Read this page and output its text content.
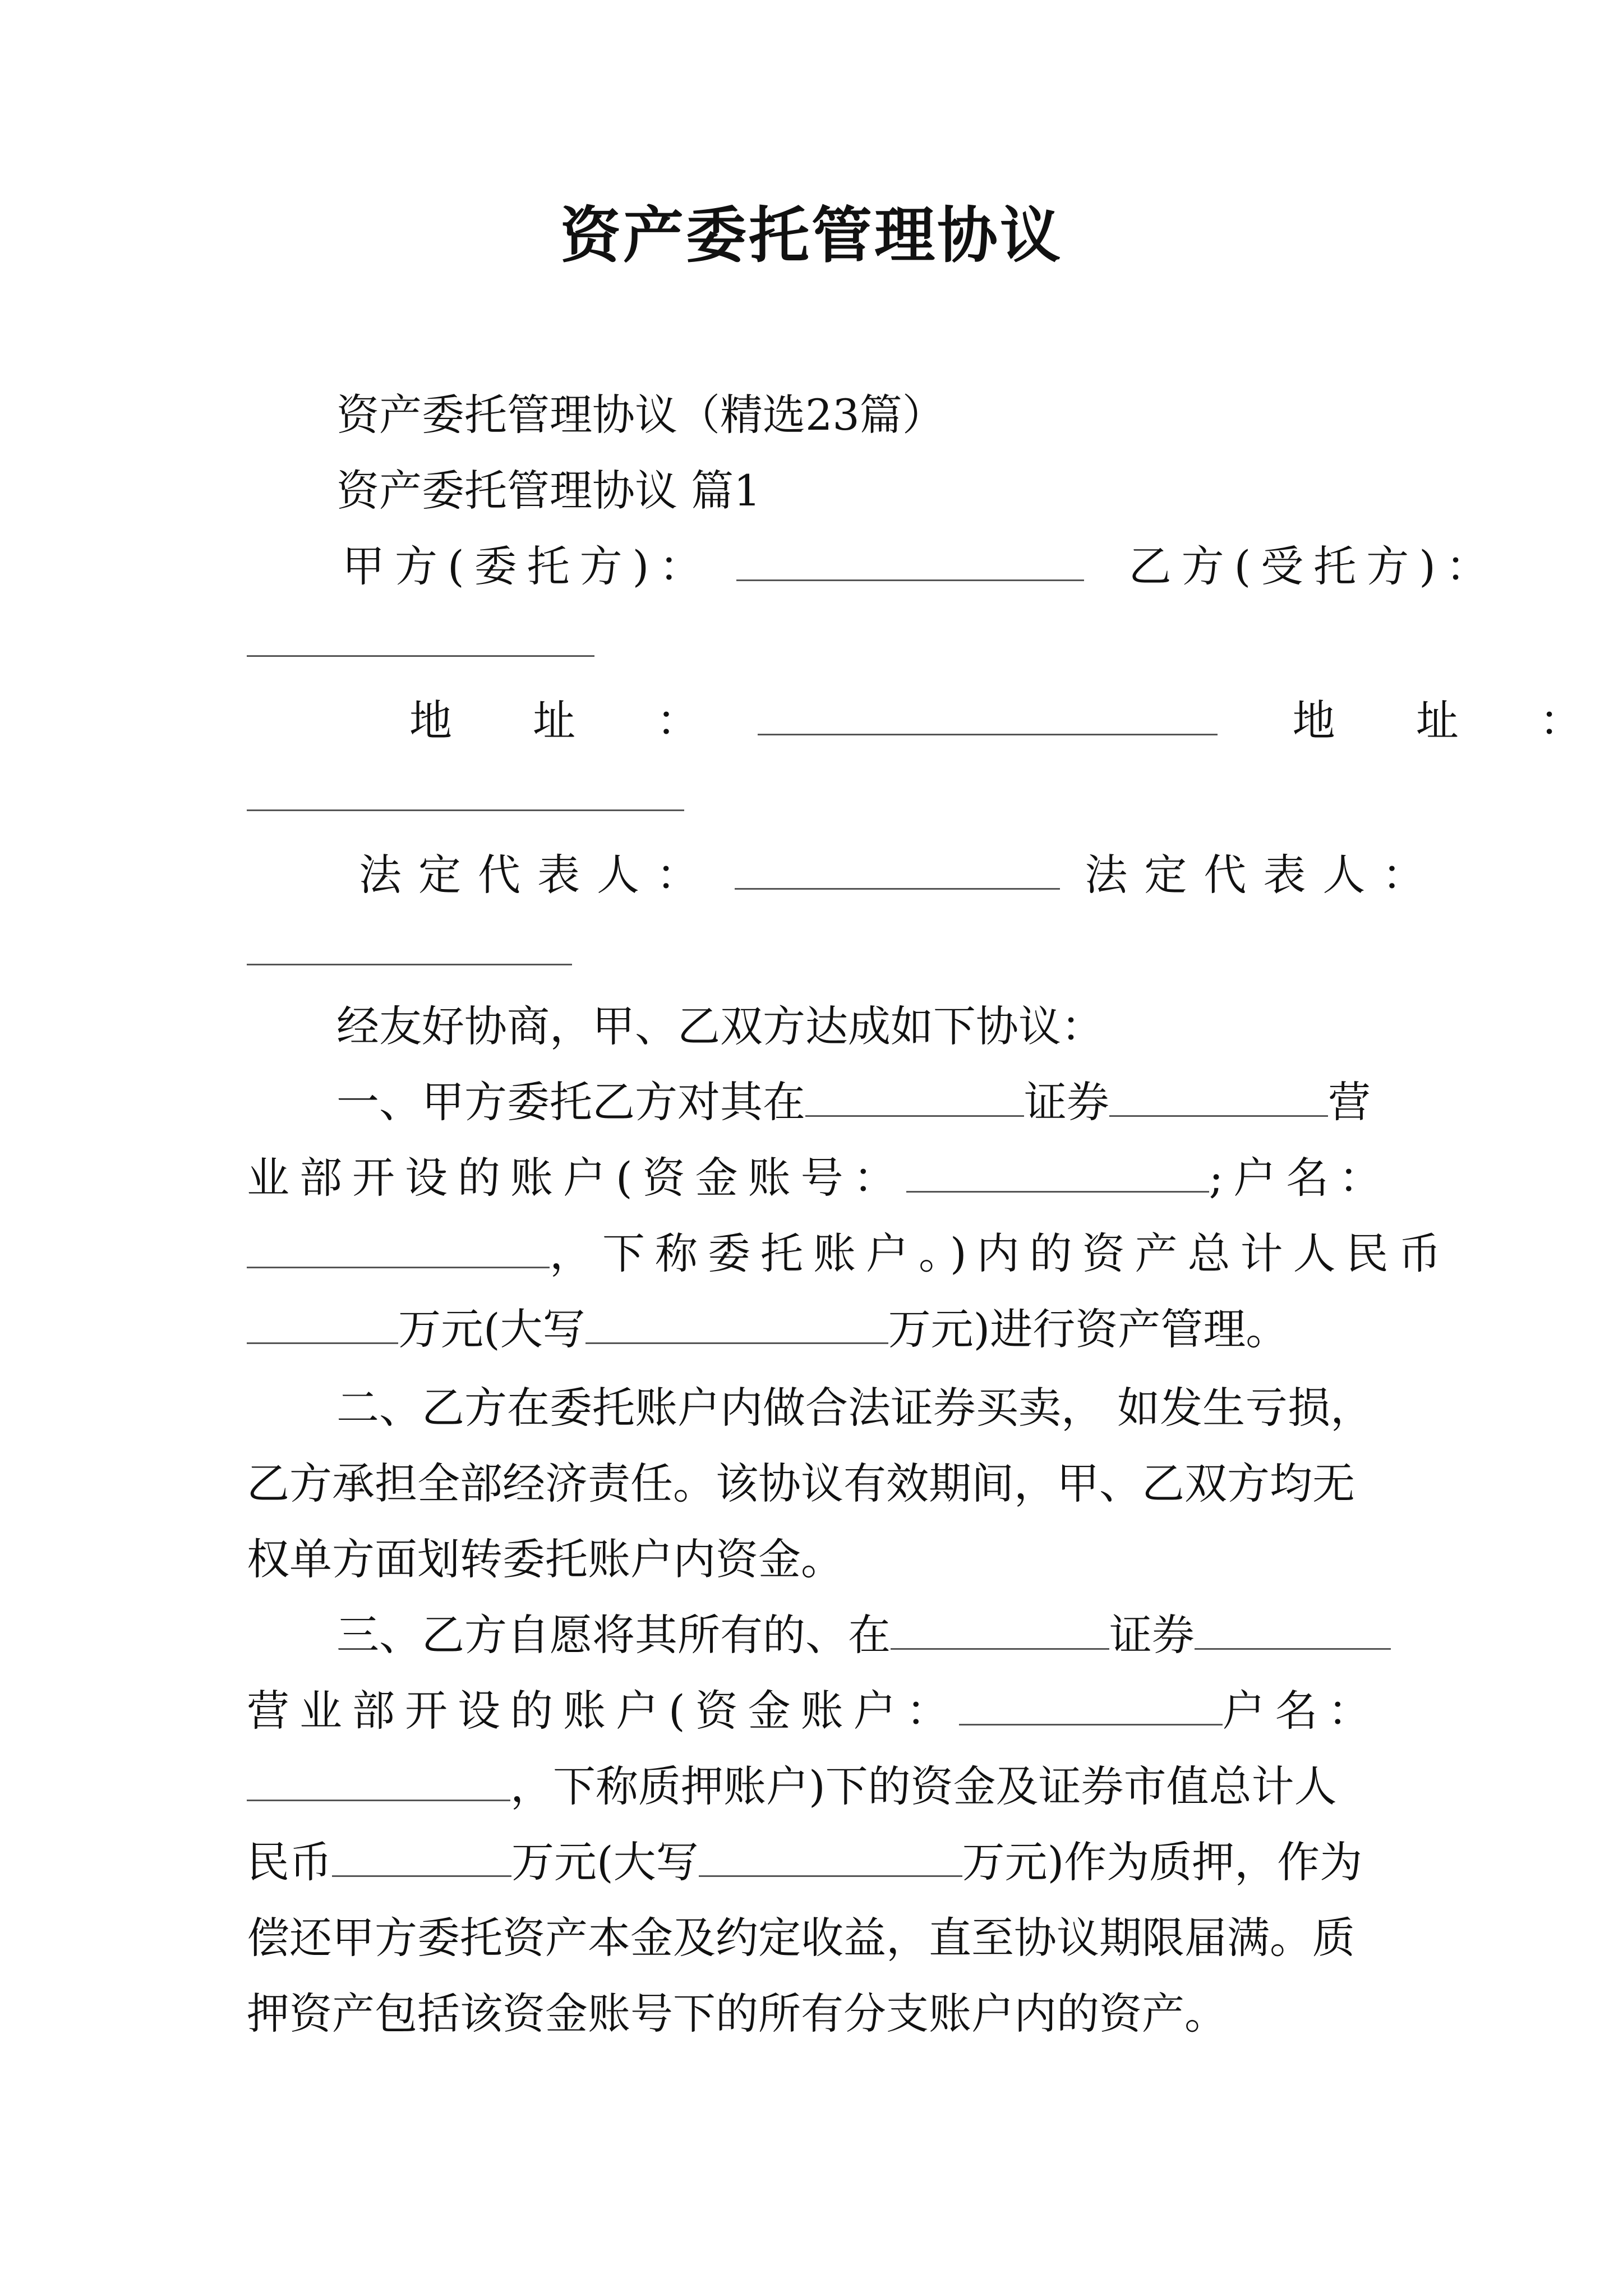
资产委托管理协议
资产委托管理协议（精选23篇）
资产委托管理协议 篇1
甲方(委托方)：	乙方(受托方)：
地 址 ：	地 址 ：
法定代表人：	法定代表人：
经友好协商，甲、乙双方达成如下协议：
一、甲方委托乙方对其在	证券	营
业部开设的账户(资金账号：	;户名：
，下称委托账户。)内的资产总计人民币
万元(大写	万元)进行资产管理。
二、乙方在委托账户内做合法证券买卖， 如发生亏损，
乙方承担全部经济责任。该协议有效期间，甲、乙双方均无
权单方面划转委托账户内资金。
三、乙方自愿将其所有的、在	证券
营业部开设的账户(资金账户：	户名：
，下称质押账户)下的资金及证券市值总计人
民币	万元(大写	万元)作为质押，作为
偿还甲方委托资产本金及约定收益，直至协议期限届满。质
押资产包括该资金账号下的所有分支账户内的资产。
